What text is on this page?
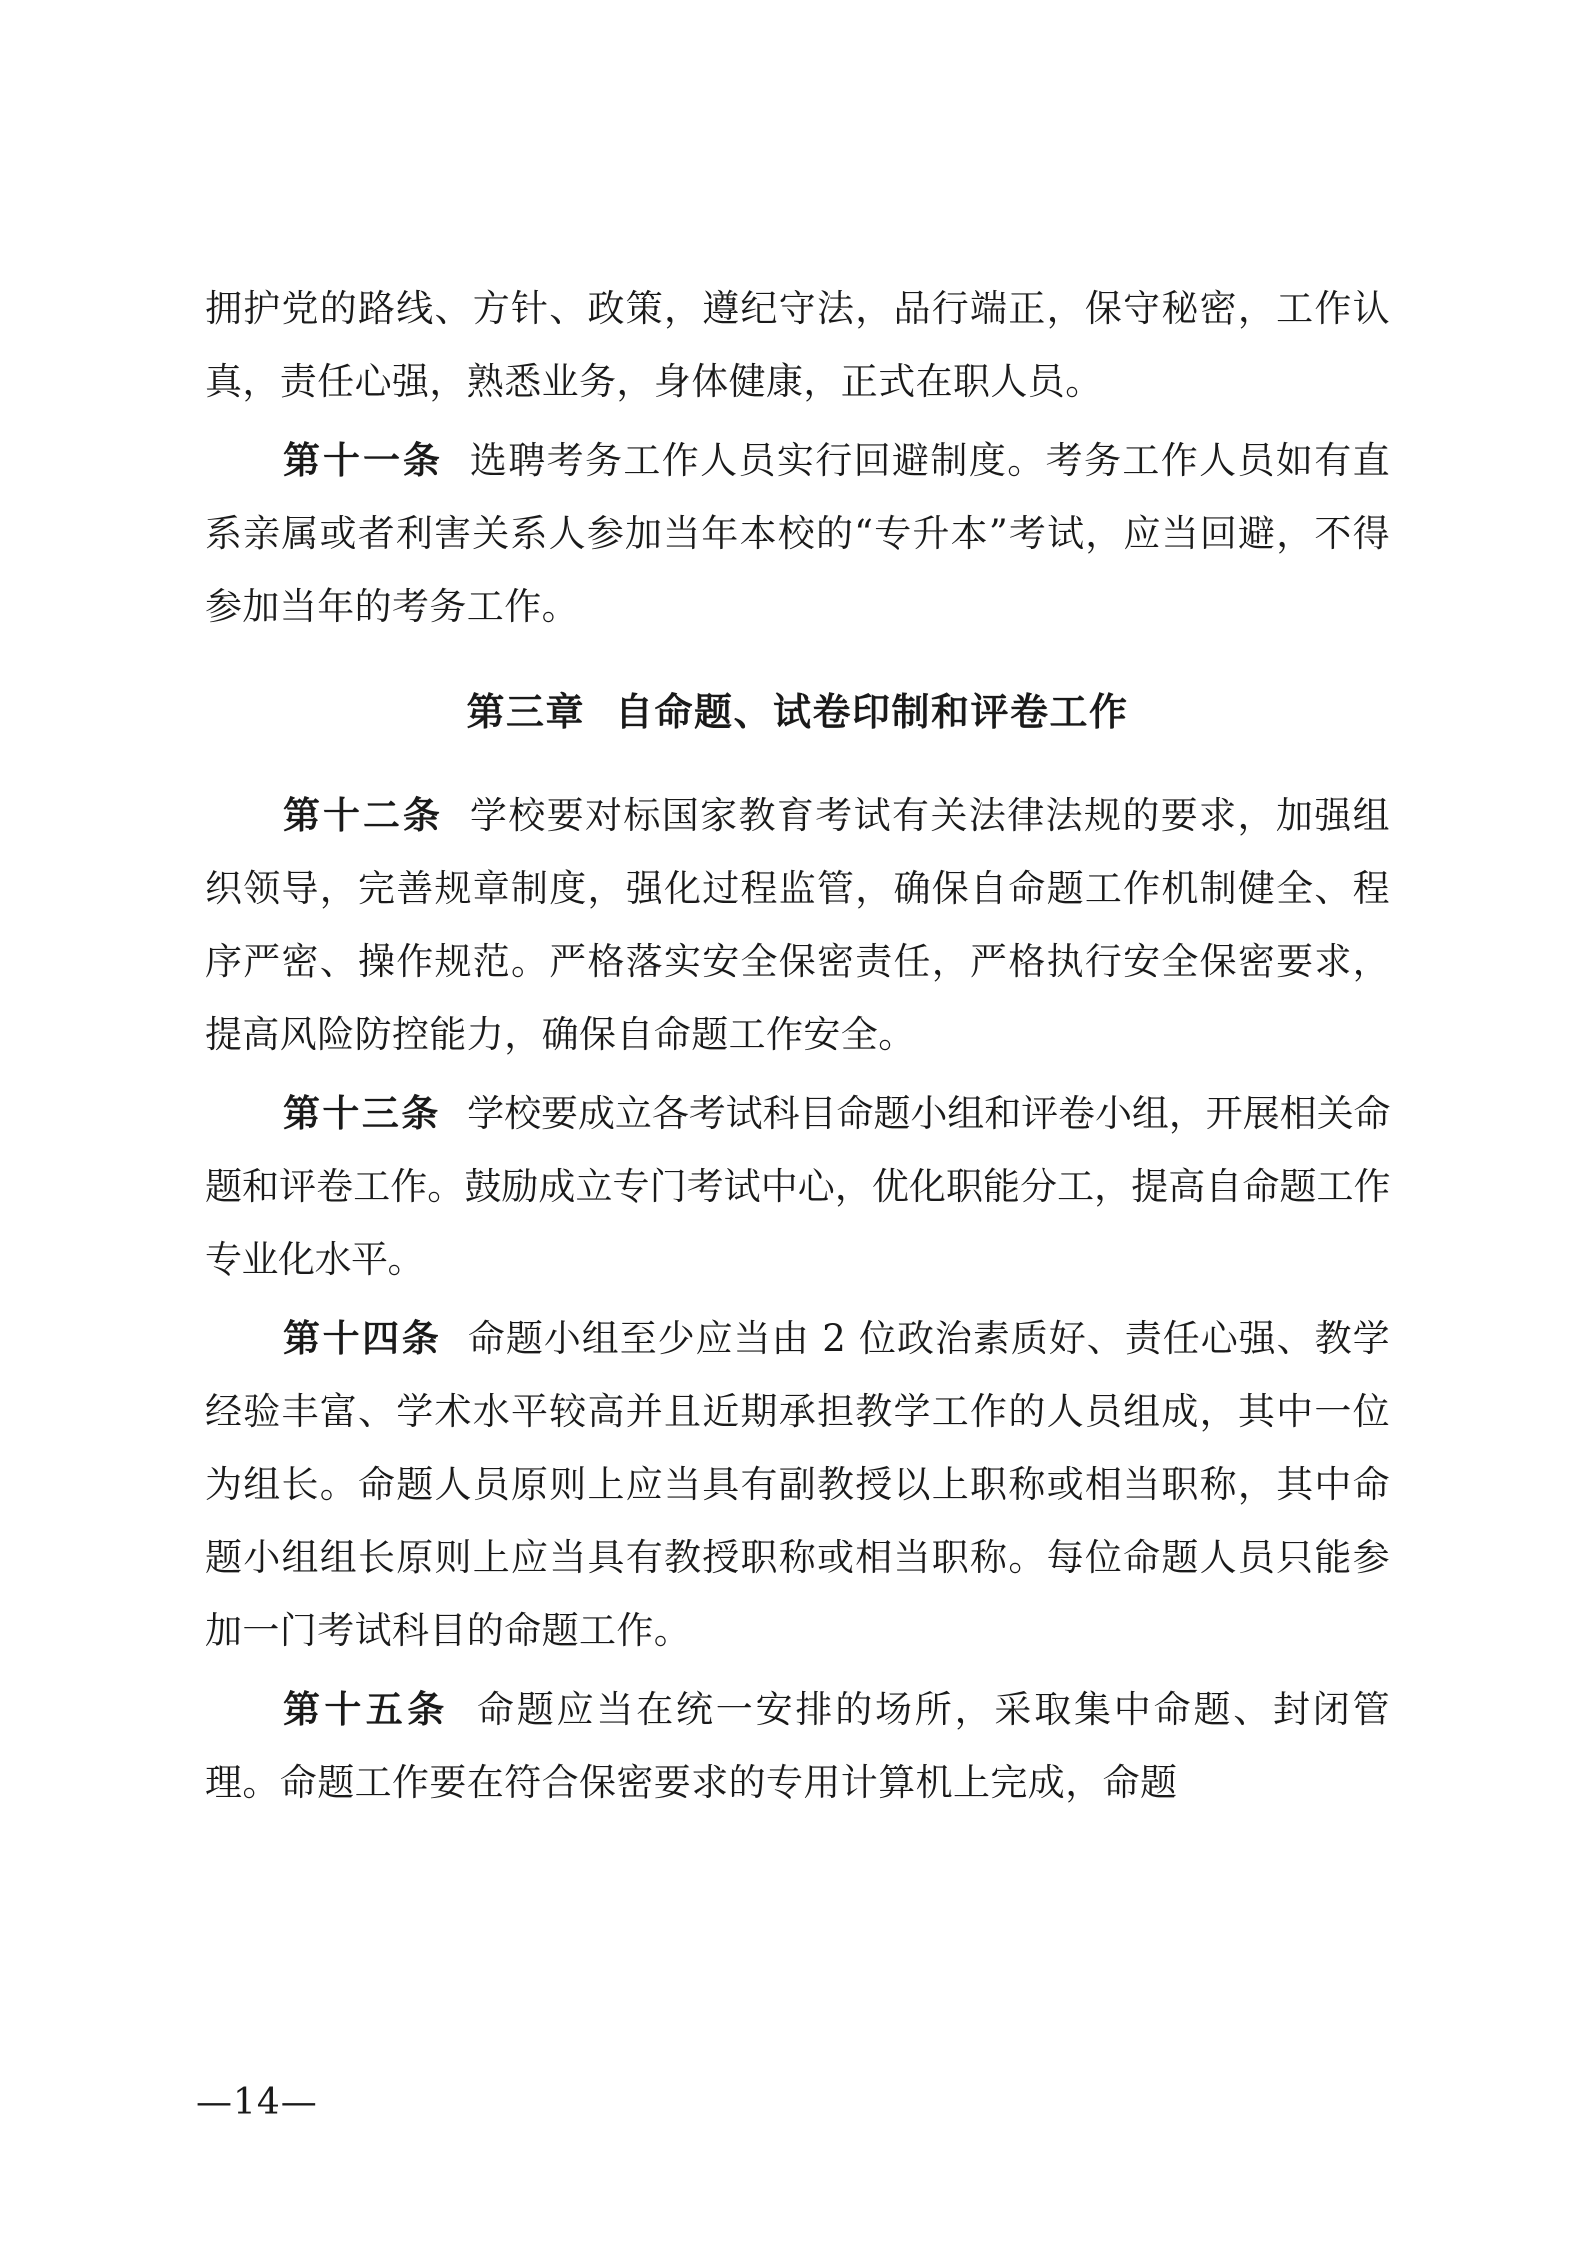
拥护党的路线、方针、政策，遵纪守法，品行端正，保守秘密，工作认真，责任心强，熟悉业务，身体健康，正式在职人员。

第十一条 选聘考务工作人员实行回避制度。考务工作人员如有直系亲属或者利害关系人参加当年本校的“专升本”考试，应当回避，不得参加当年的考务工作。

第三章 自命题、试卷印制和评卷工作

第十二条 学校要对标国家教育考试有关法律法规的要求，加强组织领导，完善规章制度，强化过程监管，确保自命题工作机制健全、程序严密、操作规范。严格落实安全保密责任，严格执行安全保密要求，提高风险防控能力，确保自命题工作安全。

第十三条 学校要成立各考试科目命题小组和评卷小组，开展相关命题和评卷工作。鼓励成立专门考试中心，优化职能分工，提高自命题工作专业化水平。

第十四条 命题小组至少应当由 2 位政治素质好、责任心强、教学经验丰富、学术水平较高并且近期承担教学工作的人员组成，其中一位为组长。命题人员原则上应当具有副教授以上职称或相当职称，其中命题小组组长原则上应当具有教授职称或相当职称。每位命题人员只能参加一门考试科目的命题工作。

第十五条 命题应当在统一安排的场所，采取集中命题、封闭管理。命题工作要在符合保密要求的专用计算机上完成，命题

—14—
